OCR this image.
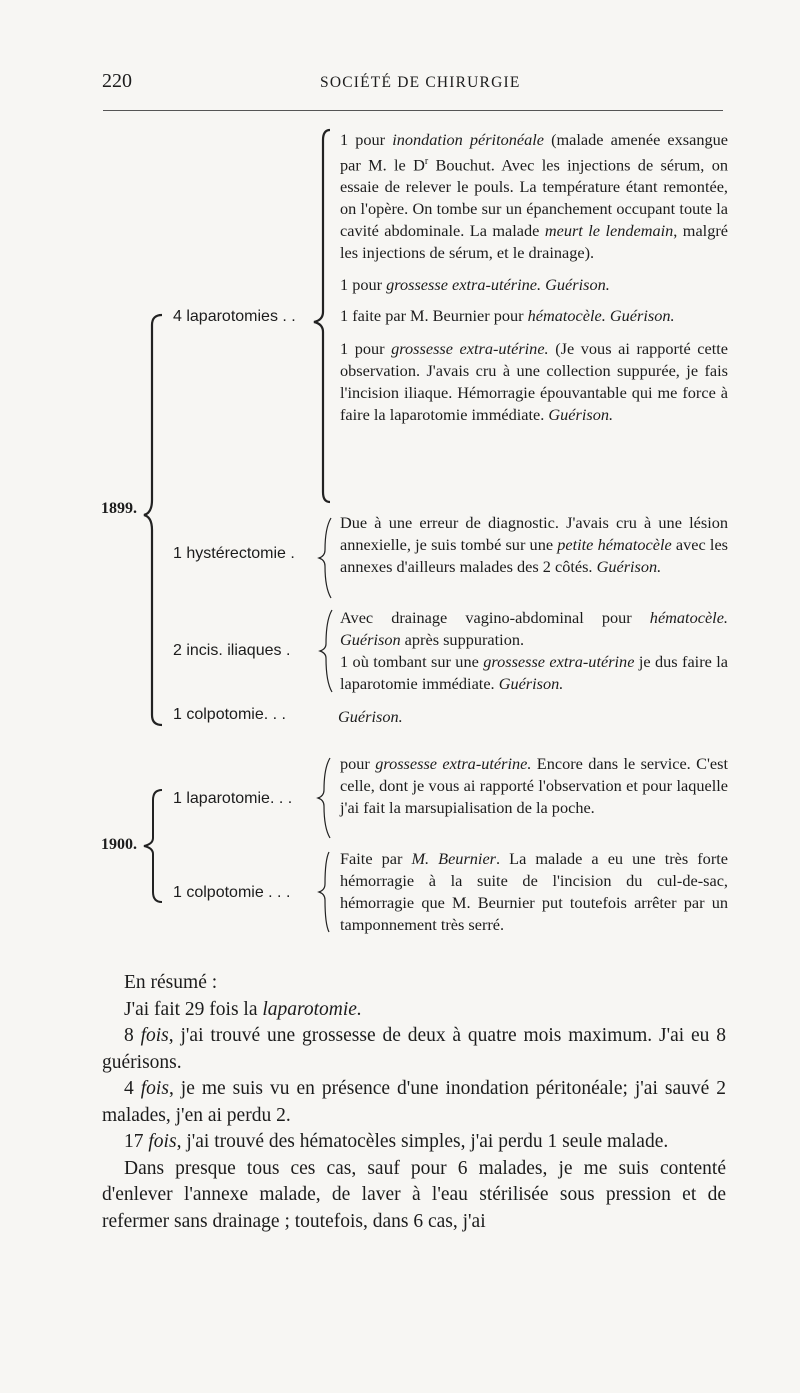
220	SOCIÉTÉ DE CHIRURGIE
1899.
4 laparotomies . .

1 pour inondation péritonéale (malade amenée exsangue par M. le $D^r$ Bouchut. Avec les injections de sérum, on essaie de relever le pouls. La température étant remontée, on l'opère. On tombe sur un épanchement occupant toute la cavité abdominale. La malade meurt le lendemain, malgré les injections de sérum, et le drainage).

1 pour grossesse extra-utérine. Guérison.

1 faite par M. Beurnier pour hématocèle. Guérison.

1 pour grossesse extra-utérine. (Je vous ai rapporté cette observation. J'avais cru à une collection suppurée, je fais l'incision iliaque. Hémorragie épouvantable qui me force à faire la laparotomie immédiate. Guérison.

1 hystérectomie .
Due à une erreur de diagnostic. J'avais cru à une lésion annexielle, je suis tombé sur une petite hématocèle avec les annexes d'ailleurs malades des 2 côtés. Guérison.
2 incis. iliaques .

Avec drainage vagino-abdominal pour hématocèle. Guérison après suppuration.

1 où tombant sur une grossesse extra-utérine je dus faire la laparotomie immédiate. Guérison.

1 colpotomie. . .	Guérison.
1900.
1 laparotomie. . .
pour grossesse extra-utérine. Encore dans le service. C'est celle, dont je vous ai rapporté l'observation et pour laquelle j'ai fait la marsupialisation de la poche.
1 colpotomie . . .
Faite par M. Beurnier. La malade a eu une très forte hémorragie à la suite de l'incision du cul-de-sac, hémorragie que M. Beurnier put toutefois arrêter par un tamponnement très serré.

En résumé :

J'ai fait 29 fois la laparotomie.

8 fois, j'ai trouvé une grossesse de deux à quatre mois maximum. J'ai eu 8 guérisons.

4 fois, je me suis vu en présence d'une inondation péritonéale; j'ai sauvé 2 malades, j'en ai perdu 2.

17 fois, j'ai trouvé des hématocèles simples, j'ai perdu 1 seule malade.

Dans presque tous ces cas, sauf pour 6 malades, je me suis contenté d'enlever l'annexe malade, de laver à l'eau stérilisée sous pression et de refermer sans drainage ; toutefois, dans 6 cas, j'ai
